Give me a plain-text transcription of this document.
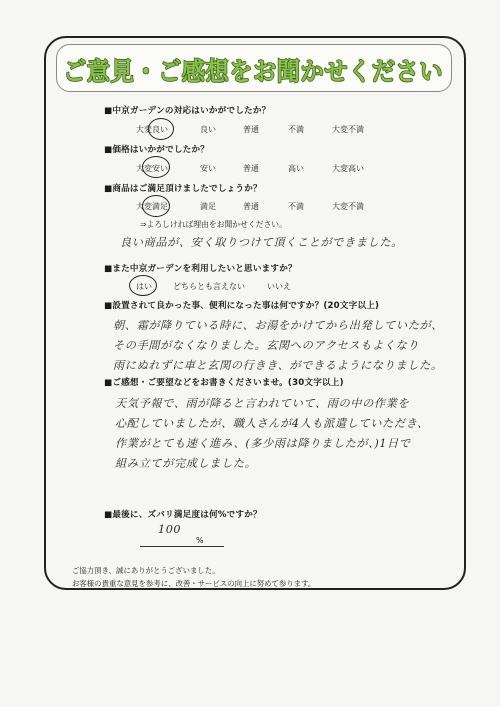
ご意見・ご感想をお聞かせください
■中京ガーデンの対応はいかがでしたか？
大変良い	良い	普通	不満	大変不満
■価格はいかがでしたか？
大変安い	安い	普通	高い	大変高い
■商品はご満足頂けましたでしょうか？
大変満足	満足	普通	不満	大変不満
⇒よろしければ理由をお聞かせください。
良い商品が、安く取りつけて頂くことができました。
■また中京ガーデンを利用したいと思いますか？
はい	どちらとも言えない	いいえ
■設置されて良かった事、便利になった事は何ですか？(20文字以上)
朝、霜が降りている時に、お湯をかけてから出発していたが、
その手間がなくなりました。玄関へのアクセスもよくなり
雨にぬれずに車と玄関の行きき、ができるようになりました。
■ご感想・ご要望などをお書きくださいませ。(30文字以上)
天気予報で、雨が降ると言われていて、雨の中の作業を
心配していましたが、職人さんが4人も派遣していただき、
作業がとても速く進み、(多少雨は降りましたが、)1日で
組み立てが完成しました。
■最後に、ズバリ満足度は何%ですか？
100
%
ご協力頂き、誠にありがとうございました。
お客様の貴重な意見を参考に、改善・サービスの向上に努めて参ります。
